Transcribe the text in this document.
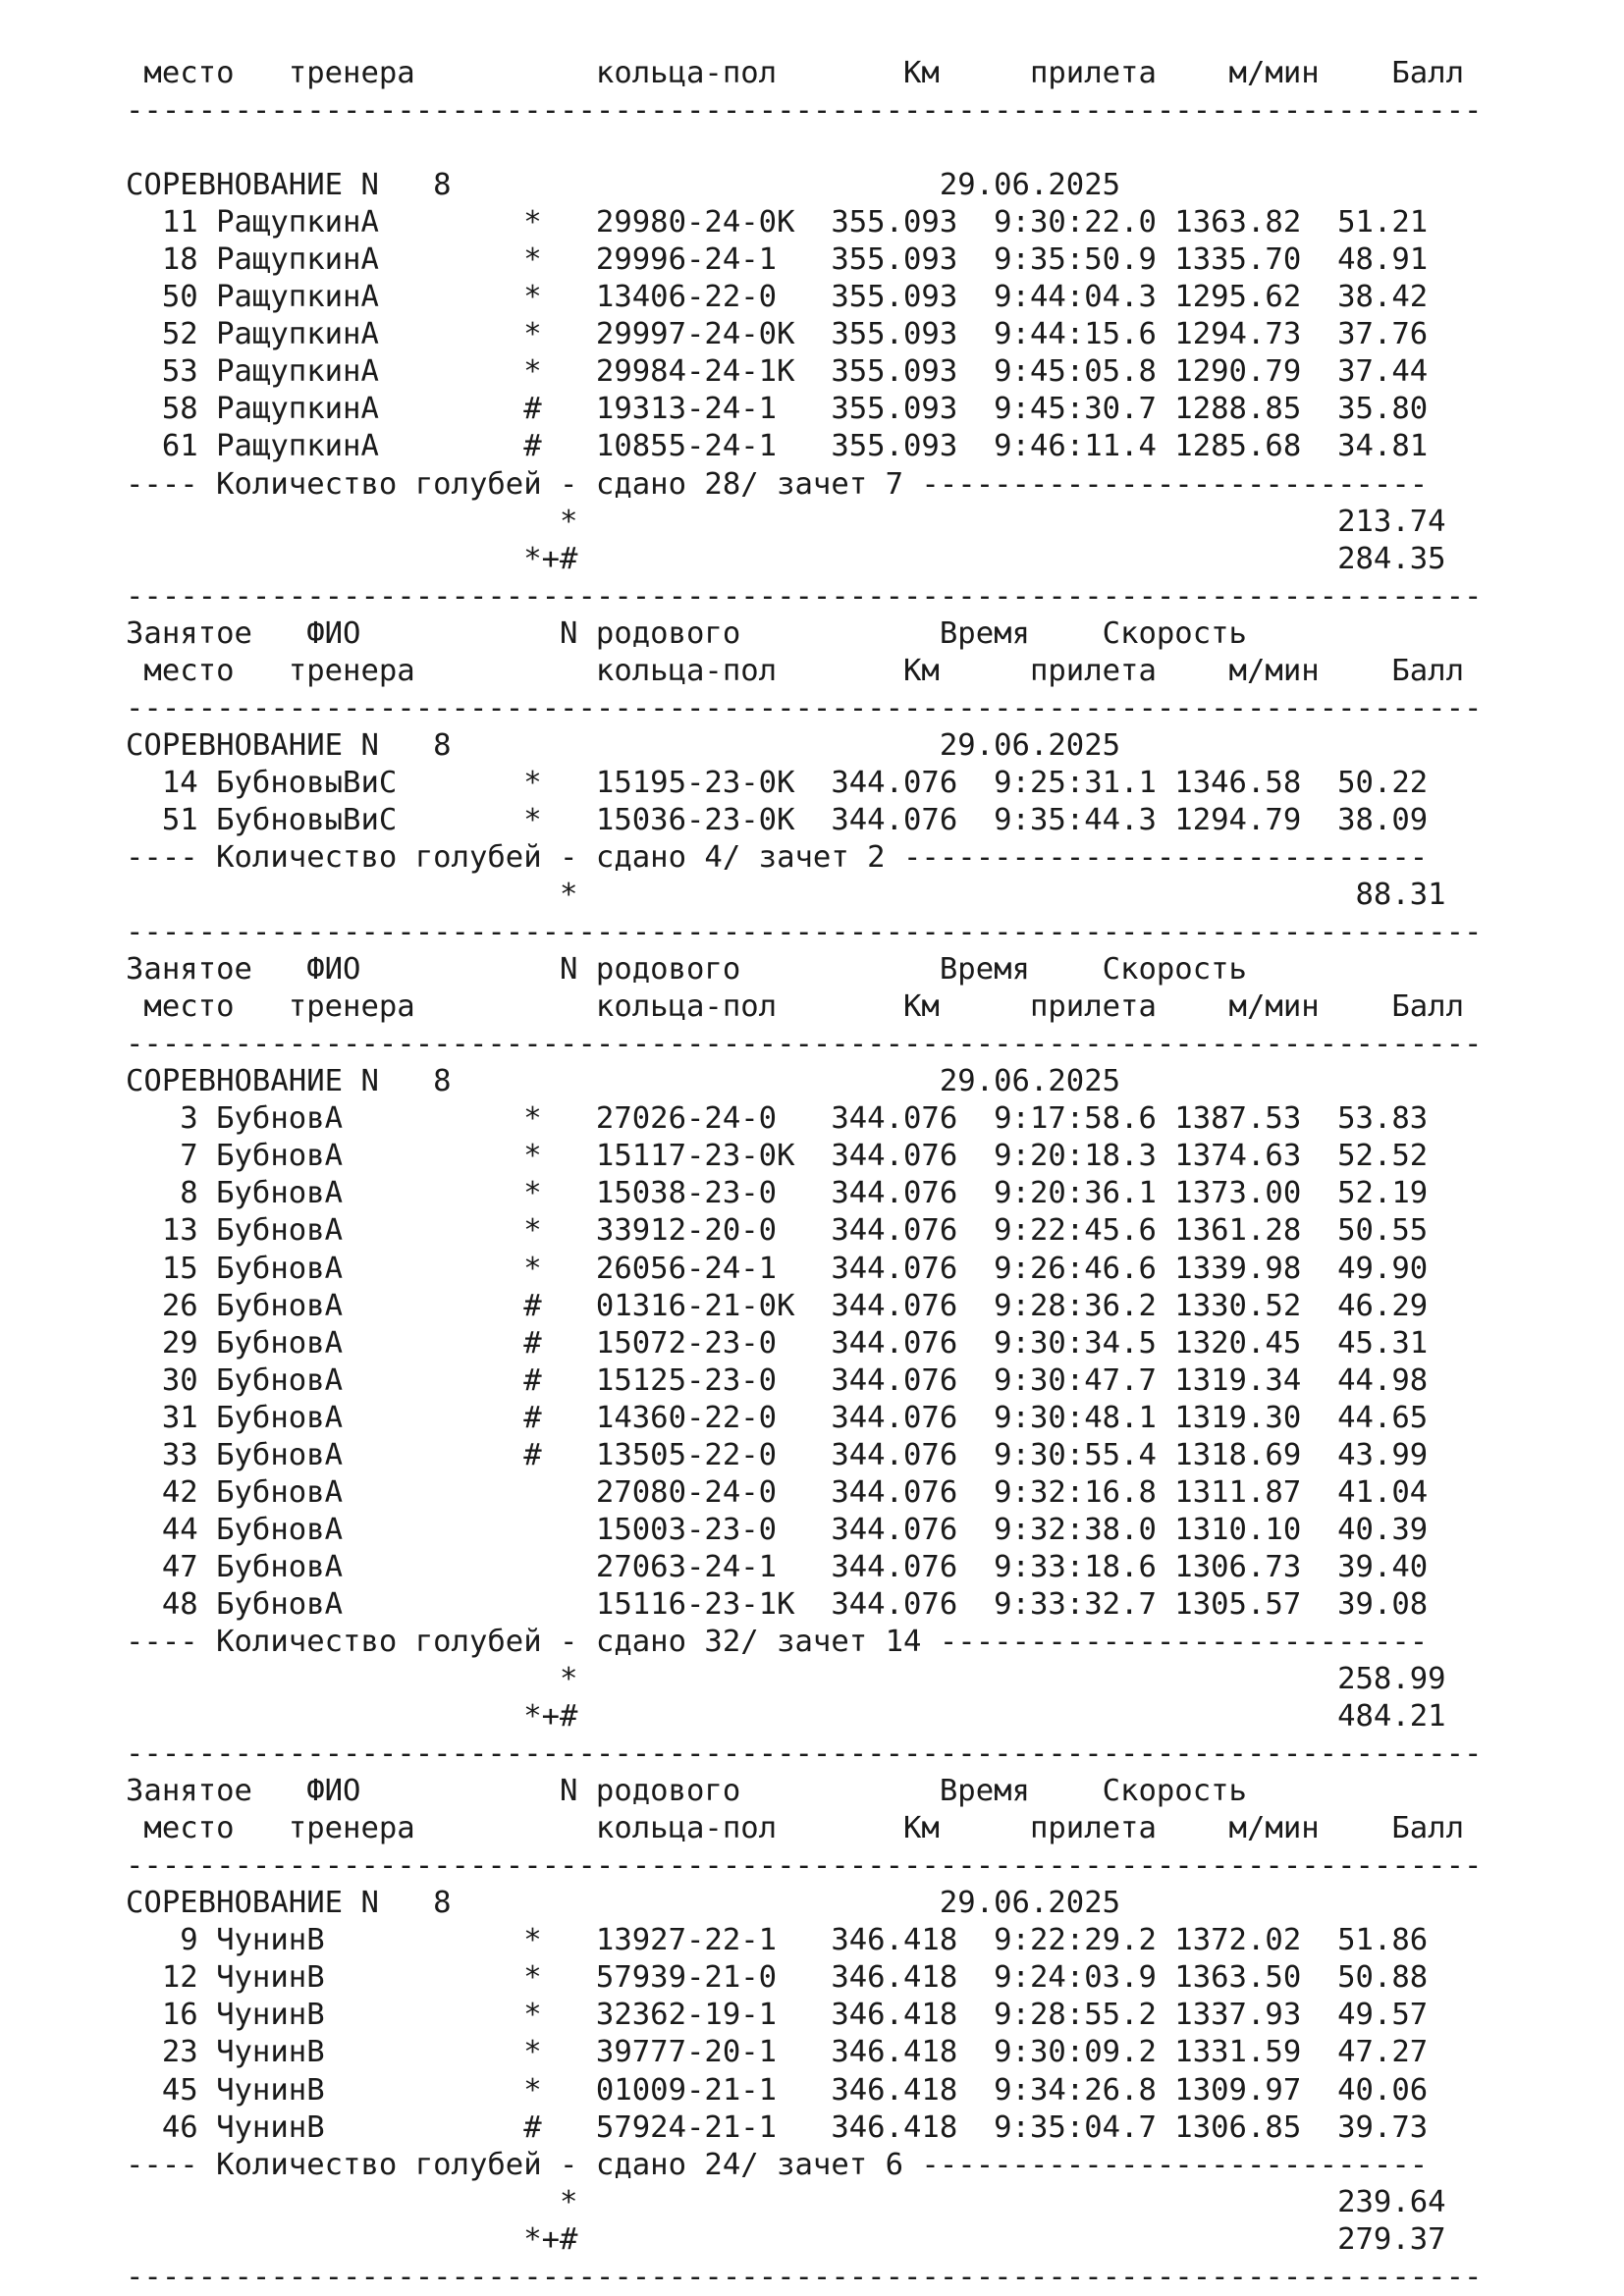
место   тренера          кольца-пол       Км     прилета    м/мин    Балл

---------------------------------------------------------------------------

СОРЕВНОВАНИЕ N   8                           29.06.2025

11 РащупкинА        *   29980-24-0К  355.093  9:30:22.0 1363.82  51.21

18 РащупкинА        *   29996-24-1   355.093  9:35:50.9 1335.70  48.91

50 РащупкинА        *   13406-22-0   355.093  9:44:04.3 1295.62  38.42

52 РащупкинА        *   29997-24-0К  355.093  9:44:15.6 1294.73  37.76

53 РащупкинА        *   29984-24-1К  355.093  9:45:05.8 1290.79  37.44

58 РащупкинА        #   19313-24-1   355.093  9:45:30.7 1288.85  35.80

61 РащупкинА        #   10855-24-1   355.093  9:46:11.4 1285.68  34.81

---- Количество голубей - сдано 28/ зачет 7 ----------------------------

*                                          213.74

*+#                                          284.35

---------------------------------------------------------------------------

Занятое   ФИО           N родового           Время    Скорость

место   тренера          кольца-пол       Км     прилета    м/мин    Балл

---------------------------------------------------------------------------

СОРЕВНОВАНИЕ N   8                           29.06.2025

14 БубновыВиС       *   15195-23-0К  344.076  9:25:31.1 1346.58  50.22

51 БубновыВиС       *   15036-23-0К  344.076  9:35:44.3 1294.79  38.09

---- Количество голубей - сдано 4/ зачет 2 -----------------------------

*                                           88.31

---------------------------------------------------------------------------

Занятое   ФИО           N родового           Время    Скорость

место   тренера          кольца-пол       Км     прилета    м/мин    Балл

---------------------------------------------------------------------------

СОРЕВНОВАНИЕ N   8                           29.06.2025

3 БубновА          *   27026-24-0   344.076  9:17:58.6 1387.53  53.83

7 БубновА          *   15117-23-0К  344.076  9:20:18.3 1374.63  52.52

8 БубновА          *   15038-23-0   344.076  9:20:36.1 1373.00  52.19

13 БубновА          *   33912-20-0   344.076  9:22:45.6 1361.28  50.55

15 БубновА          *   26056-24-1   344.076  9:26:46.6 1339.98  49.90

26 БубновА          #   01316-21-0К  344.076  9:28:36.2 1330.52  46.29

29 БубновА          #   15072-23-0   344.076  9:30:34.5 1320.45  45.31

30 БубновА          #   15125-23-0   344.076  9:30:47.7 1319.34  44.98

31 БубновА          #   14360-22-0   344.076  9:30:48.1 1319.30  44.65

33 БубновА          #   13505-22-0   344.076  9:30:55.4 1318.69  43.99

42 БубновА              27080-24-0   344.076  9:32:16.8 1311.87  41.04

44 БубновА              15003-23-0   344.076  9:32:38.0 1310.10  40.39

47 БубновА              27063-24-1   344.076  9:33:18.6 1306.73  39.40

48 БубновА              15116-23-1К  344.076  9:33:32.7 1305.57  39.08

---- Количество голубей - сдано 32/ зачет 14 ---------------------------

*                                          258.99

*+#                                          484.21

---------------------------------------------------------------------------

Занятое   ФИО           N родового           Время    Скорость

место   тренера          кольца-пол       Км     прилета    м/мин    Балл

---------------------------------------------------------------------------

СОРЕВНОВАНИЕ N   8                           29.06.2025

9 ЧунинВ           *   13927-22-1   346.418  9:22:29.2 1372.02  51.86

12 ЧунинВ           *   57939-21-0   346.418  9:24:03.9 1363.50  50.88

16 ЧунинВ           *   32362-19-1   346.418  9:28:55.2 1337.93  49.57

23 ЧунинВ           *   39777-20-1   346.418  9:30:09.2 1331.59  47.27

45 ЧунинВ           *   01009-21-1   346.418  9:34:26.8 1309.97  40.06

46 ЧунинВ           #   57924-21-1   346.418  9:35:04.7 1306.85  39.73

---- Количество голубей - сдано 24/ зачет 6 ----------------------------

*                                          239.64

*+#                                          279.37

---------------------------------------------------------------------------
